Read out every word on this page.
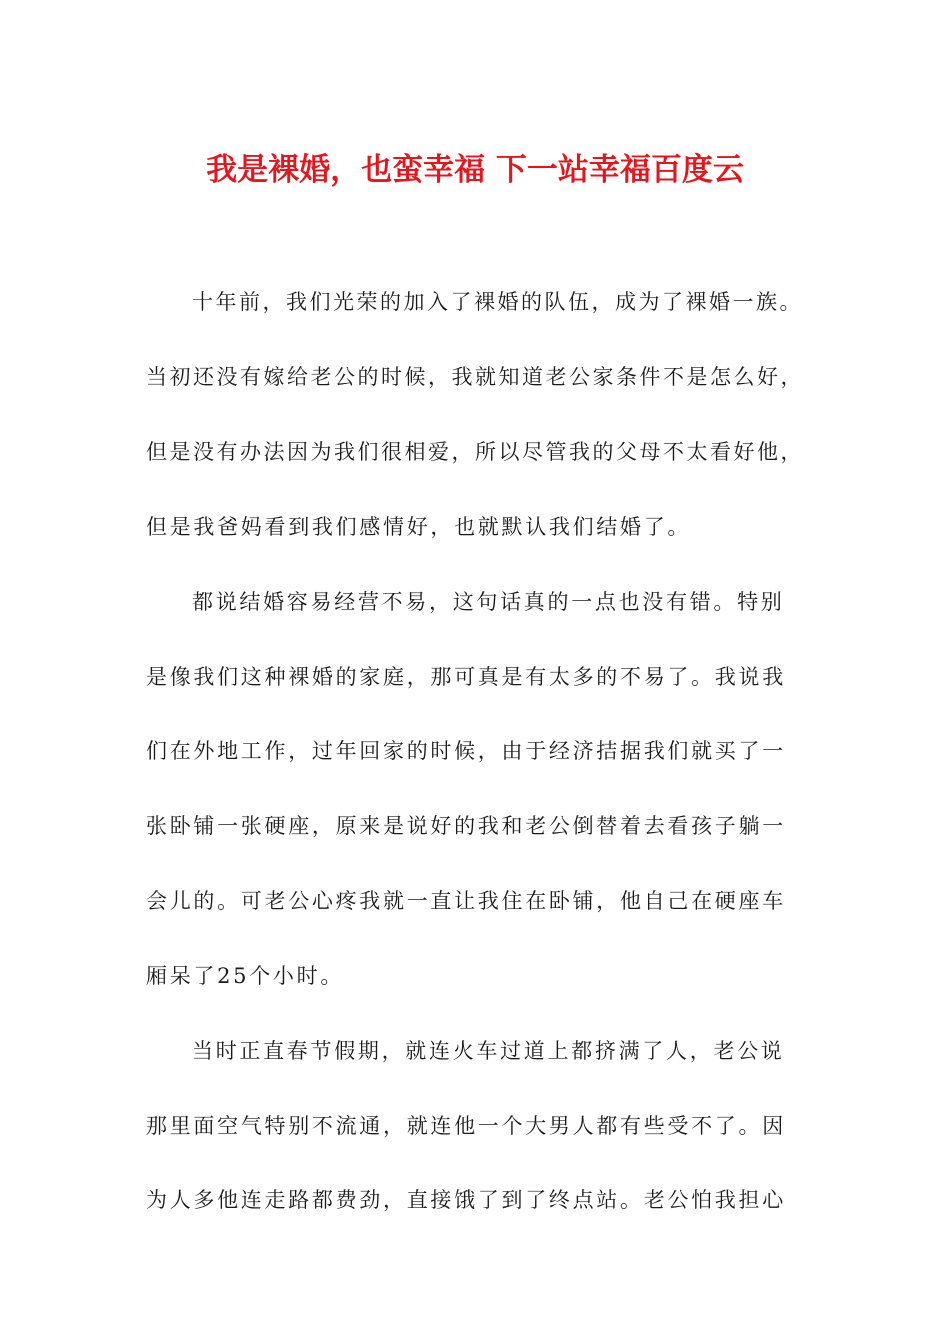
我是裸婚，也蛮幸福 下一站幸福百度云
十年前，我们光荣的加入了裸婚的队伍，成为了裸婚一族。
当初还没有嫁给老公的时候，我就知道老公家条件不是怎么好，
但是没有办法因为我们很相爱，所以尽管我的父母不太看好他，
但是我爸妈看到我们感情好，也就默认我们结婚了。
都说结婚容易经营不易，这句话真的一点也没有错。特别
是像我们这种裸婚的家庭，那可真是有太多的不易了。我说我
们在外地工作，过年回家的时候，由于经济拮据我们就买了一
张卧铺一张硬座，原来是说好的我和老公倒替着去看孩子躺一
会儿的。可老公心疼我就一直让我住在卧铺，他自己在硬座车
厢呆了25个小时。
当时正直春节假期，就连火车过道上都挤满了人，老公说
那里面空气特别不流通，就连他一个大男人都有些受不了。因
为人多他连走路都费劲，直接饿了到了终点站。老公怕我担心
